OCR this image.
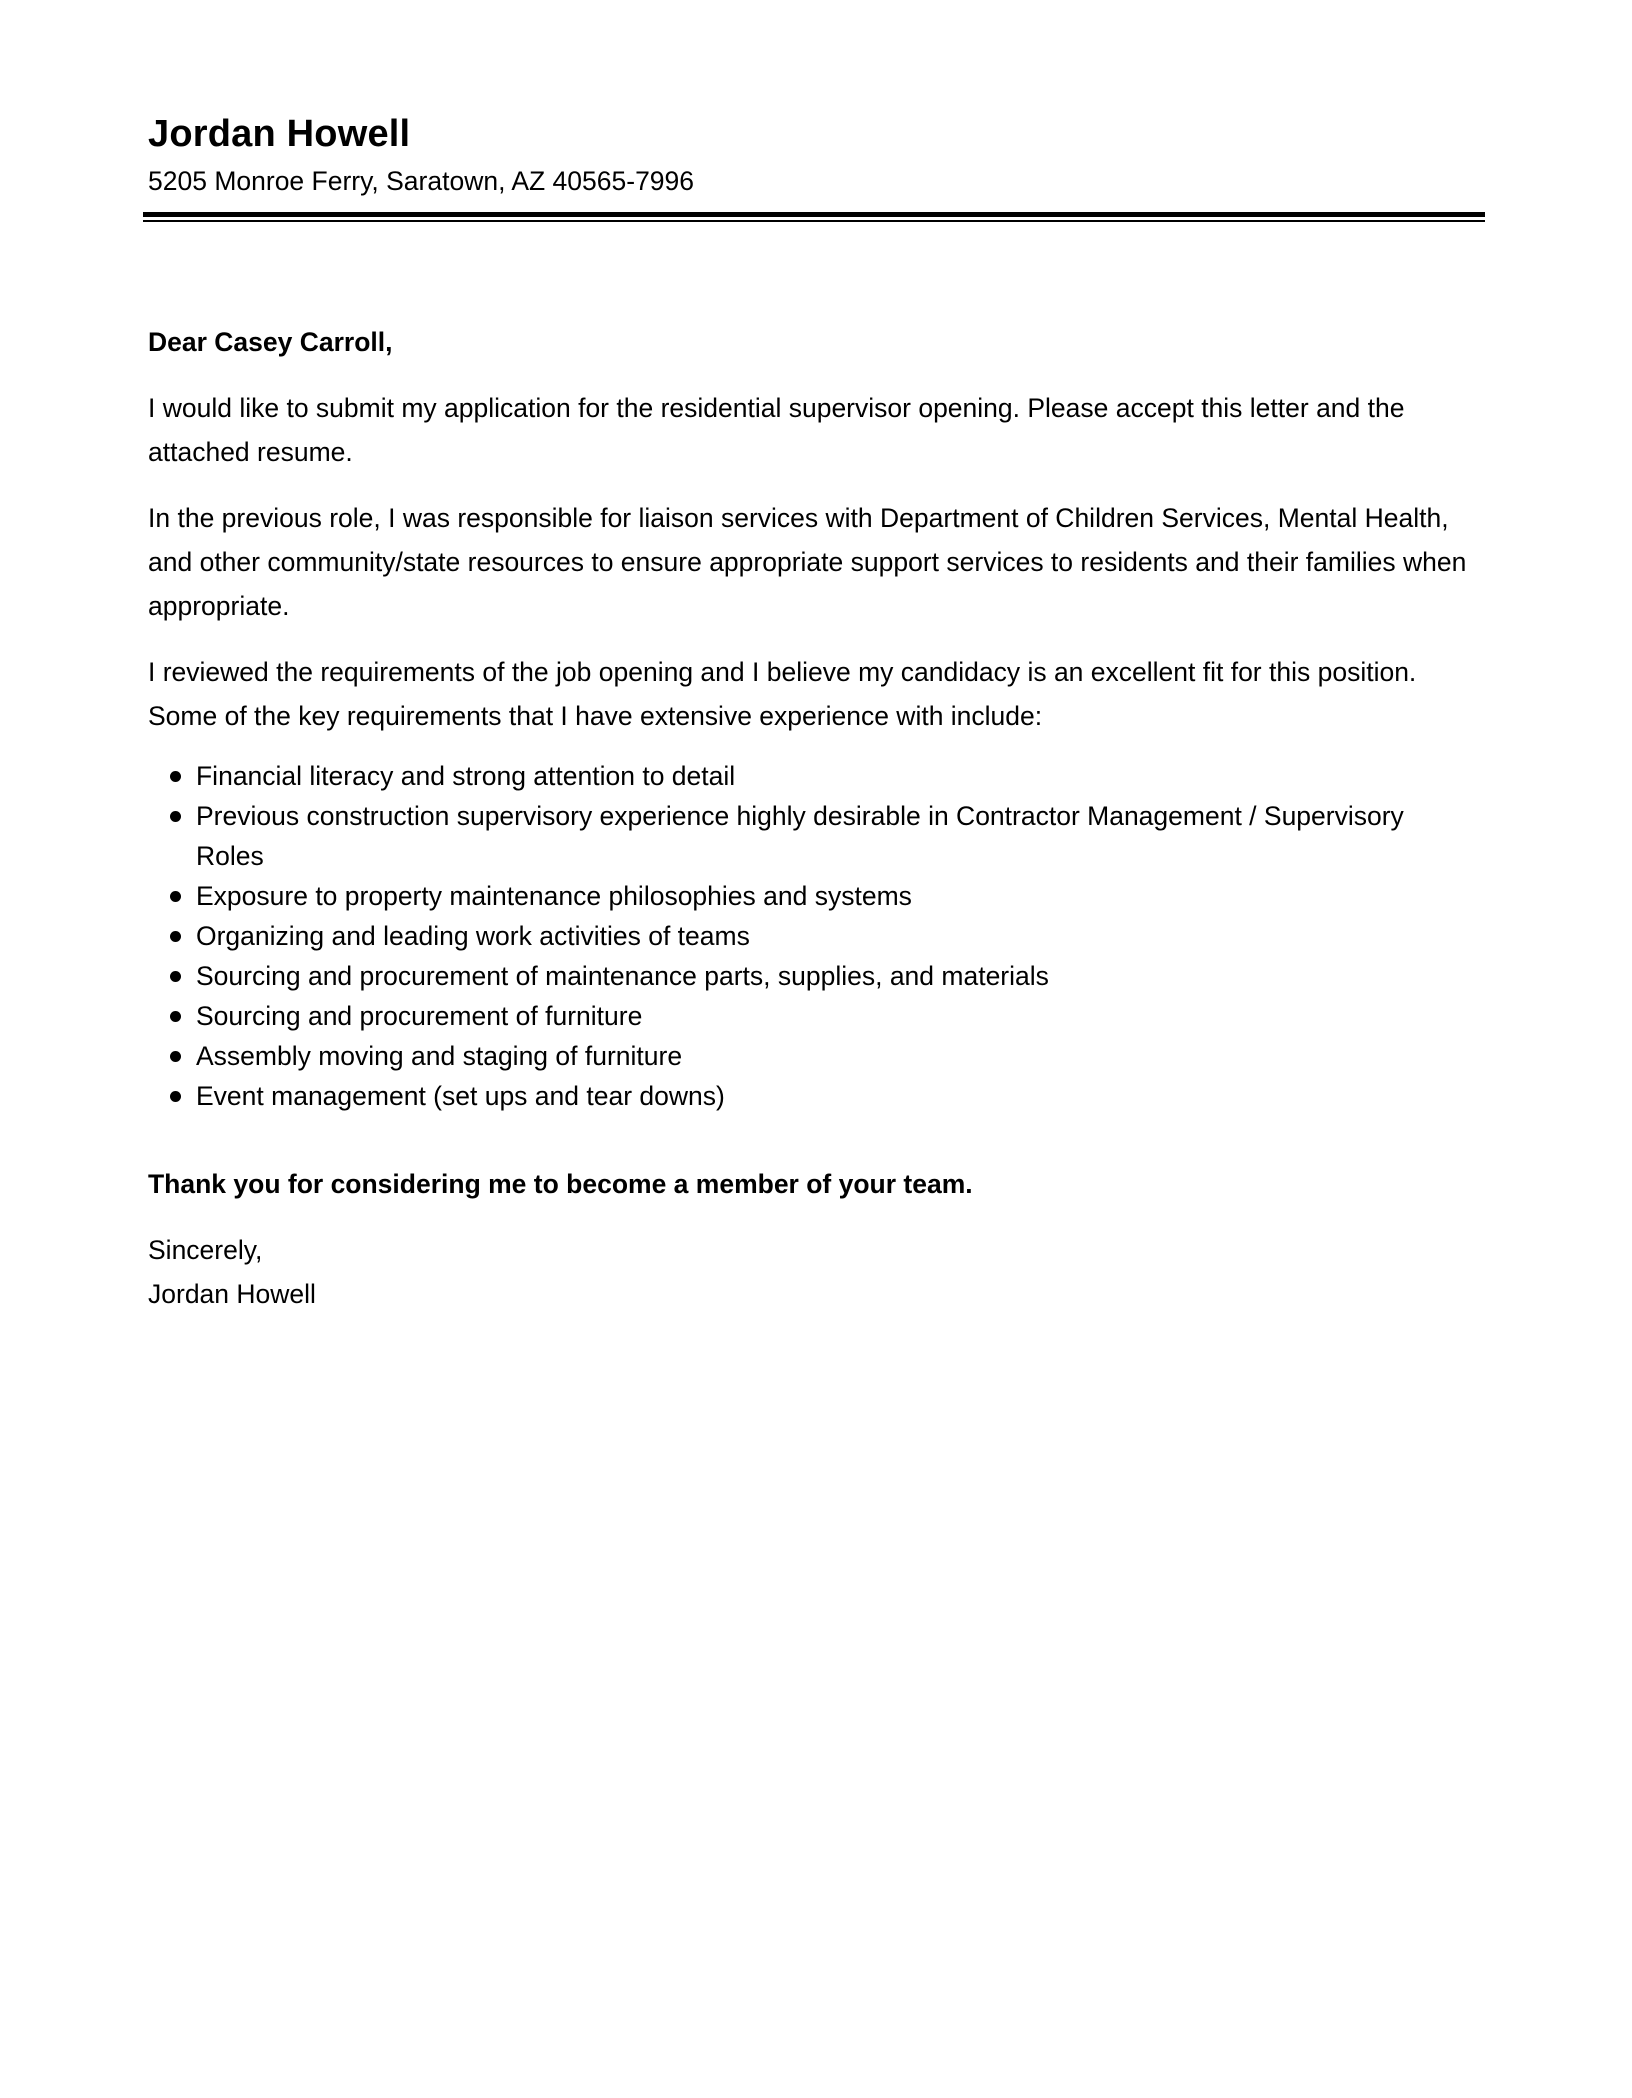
Jordan Howell

5205 Monroe Ferry, Saratown, AZ 40565-7996

Dear Casey Carroll,

I would like to submit my application for the residential supervisor opening. Please accept this letter and the attached resume.

In the previous role, I was responsible for liaison services with Department of Children Services, Mental Health, and other community/state resources to ensure appropriate support services to residents and their families when appropriate.

I reviewed the requirements of the job opening and I believe my candidacy is an excellent fit for this position. Some of the key requirements that I have extensive experience with include:

Financial literacy and strong attention to detail
Previous construction supervisory experience highly desirable in Contractor Management / Supervisory Roles
Exposure to property maintenance philosophies and systems
Organizing and leading work activities of teams
Sourcing and procurement of maintenance parts, supplies, and materials
Sourcing and procurement of furniture
Assembly moving and staging of furniture
Event management (set ups and tear downs)

Thank you for considering me to become a member of your team.

Sincerely,
Jordan Howell
